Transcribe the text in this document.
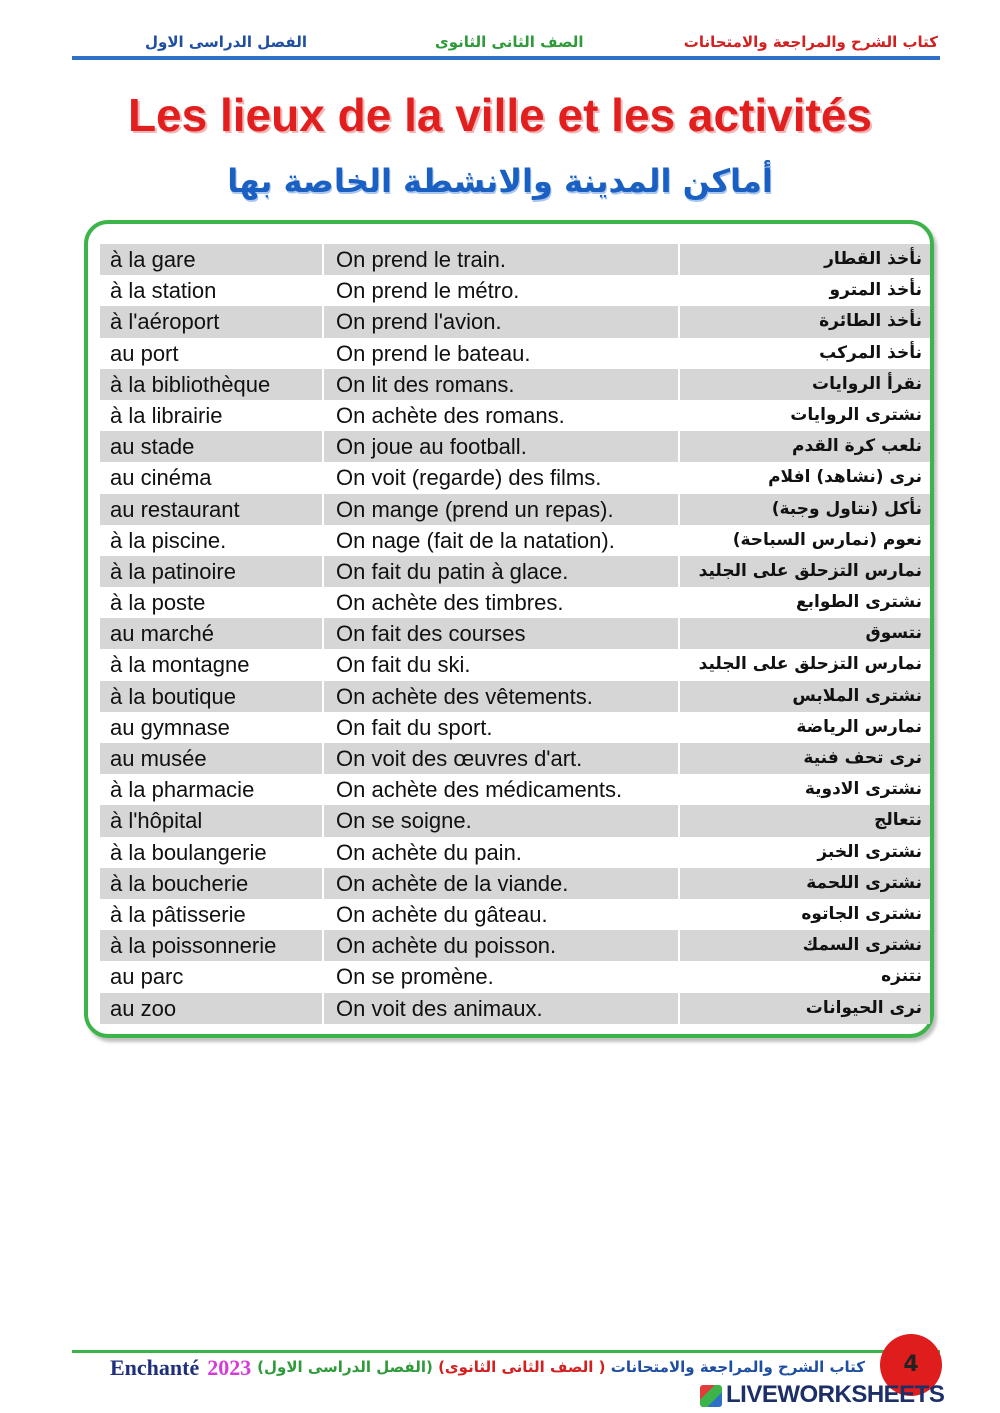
الفصل الدراسى الاول	الصف الثانى الثانوى	كتاب الشرح والمراجعة والامتحانات
Les lieux de la ville et les activités
أماكن المدينة والانشطة الخاصة بها
à la gare	On prend le train.	نأخذ القطار
à la station	On prend le métro.	نأخذ المترو
à l'aéroport	On prend l'avion.	نأخذ الطائرة
au port	On prend le bateau.	نأخذ المركب
à la bibliothèque	On lit des romans.	نقرأ الروايات
à la librairie	On achète des romans.	نشترى الروايات
au stade	On joue au football.	نلعب كرة القدم
au cinéma	On voit (regarde) des films.	نرى (نشاهد) افلام
au restaurant	On mange (prend un repas).	نأكل (نتاول وجبة)
à la piscine.	On nage (fait de la natation).	نعوم (نمارس السباحة)
à la patinoire	On fait du patin à glace.	نمارس التزحلق على الجليد
à la poste	On achète des timbres.	نشترى الطوابع
au marché	On fait des courses	نتسوق
à la montagne	On fait du ski.	نمارس التزحلق على الجليد
à la boutique	On achète des vêtements.	نشترى الملابس
au gymnase	On fait du sport.	نمارس الرياضة
au musée	On voit des œuvres d'art.	نرى تحف فنية
à la pharmacie	On achète des médicaments.	نشترى الادوية
à l'hôpital	On se soigne.	نتعالج
à la boulangerie	On achète du pain.	نشترى الخبز
à la boucherie	On achète de la viande.	نشترى اللحمة
à la pâtisserie	On achète du gâteau.	نشترى الجاتوه
à la poissonnerie	On achète du poisson.	نشترى السمك
au parc	On se promène.	نتنزه
au zoo	On voit des animaux.	نرى الحيوانات
Enchanté 2023	كتاب الشرح والمراجعة والامتحانات ( الصف الثانى الثانوى) (الفصل الدراسى الاول)	4
LIVEWORKSHEETS
